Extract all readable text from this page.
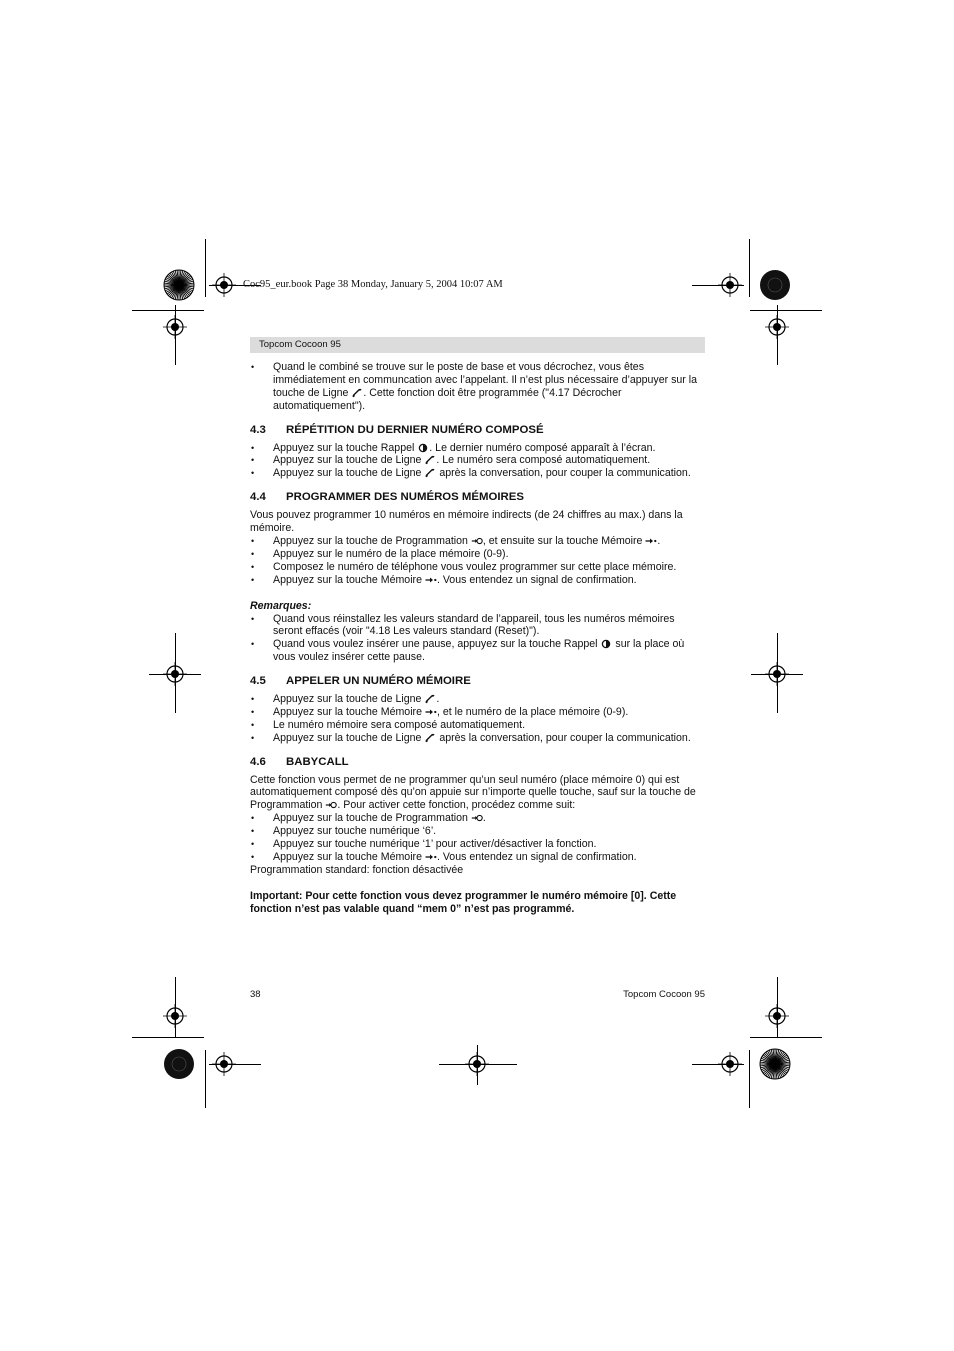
Coc95_eur.book Page 38 Monday, January 5, 2004 10:07 AM
Topcom Cocoon 95
• Quand le combiné se trouve sur le poste de base et vous décrochez, vous êtes immédiatement en communcation avec l’appelant. Il n’est plus nécessaire d’appuyer sur la touche de Ligne . Cette fonction doit être programmée ("4.17 Décrocher automatiquement").
4.3	RÉPÉTITION DU DERNIER NUMÉRO COMPOSÉ
• Appuyez sur la touche Rappel . Le dernier numéro composé apparaît à l’écran.
• Appuyez sur la touche de Ligne . Le numéro sera composé automatiquement.
• Appuyez sur la touche de Ligne
après la conversation, pour couper la communication.
4.4	PROGRAMMER DES NUMÉROS MÉMOIRES

Vous pouvez programmer 10 numéros en mémoire indirects (de 24 chiffres au max.) dans la mémoire.

• Appuyez sur la touche de Programmation , et ensuite sur la touche Mémoire .
• Appuyez sur le numéro de la place mémoire (0-9).
• Composez le numéro de téléphone vous voulez programmer sur cette place mémoire.
• Appuyez sur la touche Mémoire . Vous entendez un signal de confirmation.

Remarques:

• Quand vous réinstallez les valeurs standard de l’appareil, tous les numéros mémoires seront effacés (voir "4.18 Les valeurs standard (Reset)").
• Quand vous voulez insérer une pause, appuyez sur la touche Rappel
sur la place où vous voulez insérer cette pause.
4.5	APPELER UN NUMÉRO MÉMOIRE
• Appuyez sur la touche de Ligne .
• Appuyez sur la touche Mémoire , et le numéro de la place mémoire (0-9).
• Le numéro mémoire sera composé automatiquement.
• Appuyez sur la touche de Ligne
après la conversation, pour couper la communication.
4.6	BABYCALL

Cette fonction vous permet de ne programmer qu’un seul numéro (place mémoire 0) qui est automatiquement composé dès qu’on appuie sur n’importe quelle touche, sauf sur la touche de Programmation . Pour activer cette fonction, procédez comme suit:

• Appuyez sur la touche de Programmation .
• Appuyez sur touche numérique ‘6’.
• Appuyez sur touche numérique ‘1’ pour activer/désactiver la fonction.
• Appuyez sur la touche Mémoire . Vous entendez un signal de confirmation.

Programmation standard: fonction désactivée

Important: Pour cette fonction vous devez programmer le numéro mémoire [0]. Cette fonction n’est pas valable quand “mem 0” n’est pas programmé.

38	Topcom Cocoon 95
